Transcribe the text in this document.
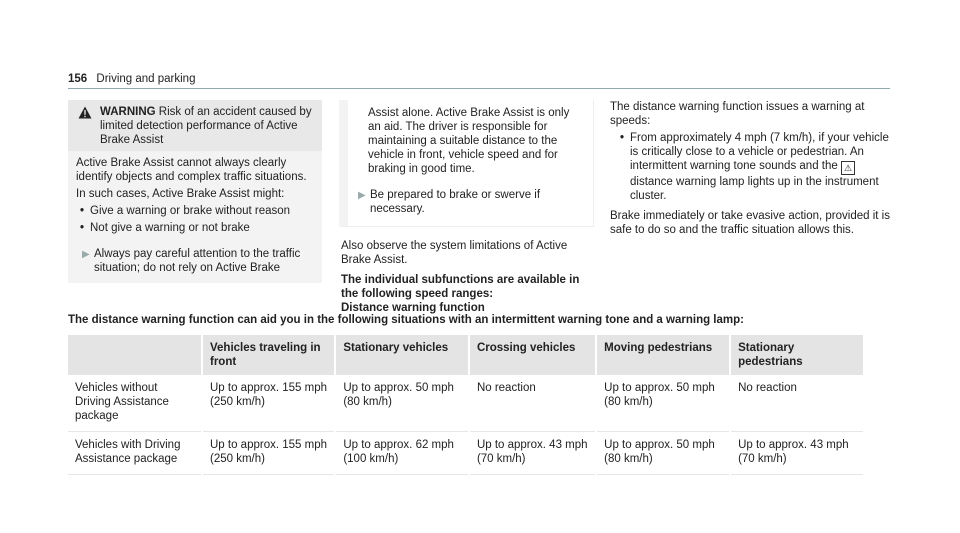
156 Driving and parking
WARNING Risk of an accident caused by limited detection performance of Active Brake Assist

Active Brake Assist cannot always clearly identify objects and complex traffic situations.

In such cases, Active Brake Assist might:

• Give a warning or brake without reason
• Not give a warning or not brake
▶ Always pay careful attention to the traffic situation; do not rely on Active Brake

Assist alone. Active Brake Assist is only an aid. The driver is responsible for maintaining a suitable distance to the vehicle in front, vehicle speed and for braking in good time.

▶ Be prepared to brake or swerve if necessary.

Also observe the system limitations of Active Brake Assist.

The individual subfunctions are available in the following speed ranges:

Distance warning function

The distance warning function issues a warning at speeds:

• From approximately 4 mph (7 km/h), if your vehicle is critically close to a vehicle or pedestrian. An intermittent warning tone sounds and the ⚠ distance warning lamp lights up in the instrument cluster.

Brake immediately or take evasive action, provided it is safe to do so and the traffic situation allows this.

The distance warning function can aid you in the following situations with an intermittent warning tone and a warning lamp:
	Vehicles traveling in front	Stationary vehicles	Crossing vehicles	Moving pedestrians	Stationary pedestrians
Vehicles without Driving Assistance package	Up to approx. 155 mph (250 km/h)	Up to approx. 50 mph (80 km/h)	No reaction	Up to approx. 50 mph (80 km/h)	No reaction
Vehicles with Driving Assistance package	Up to approx. 155 mph (250 km/h)	Up to approx. 62 mph (100 km/h)	Up to approx. 43 mph (70 km/h)	Up to approx. 50 mph (80 km/h)	Up to approx. 43 mph (70 km/h)
